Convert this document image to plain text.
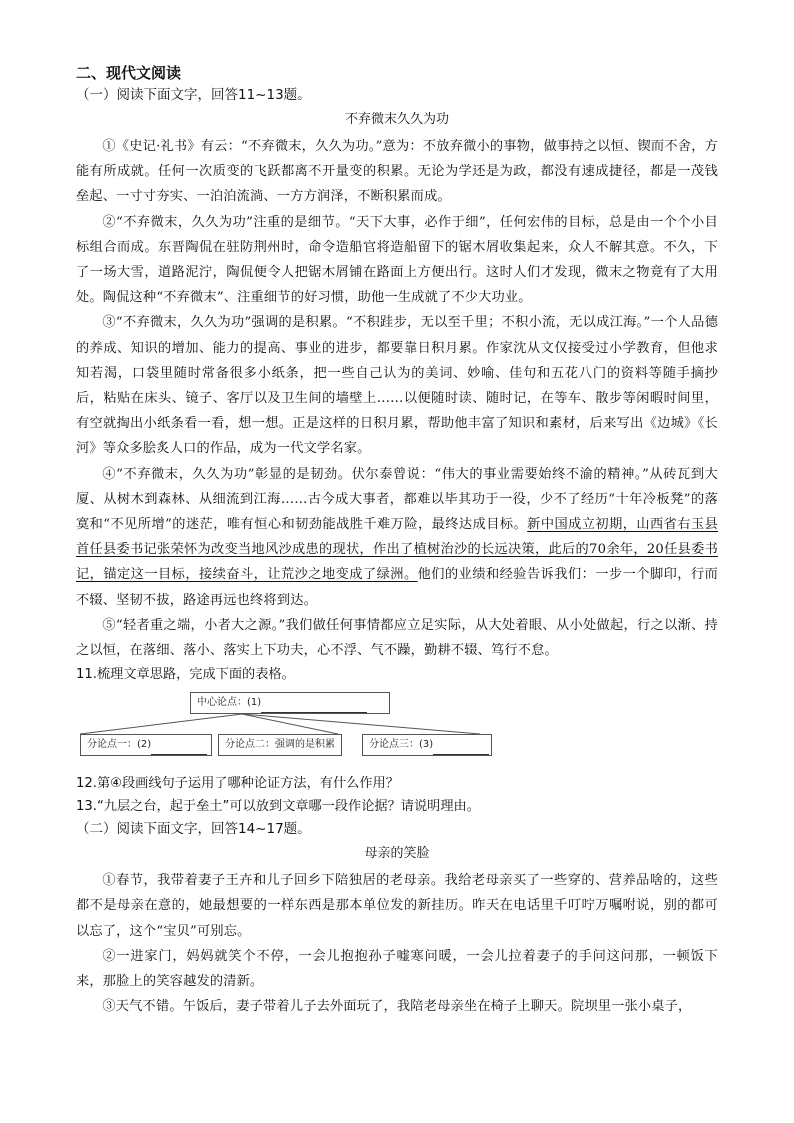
二、现代文阅读

（一）阅读下面文字，回答11~13题。

不弃微末久久为功

①《史记·礼书》有云：“不弃微末，久久为功。”意为：不放弃微小的事物，做事持之以恒、锲而不舍，方能有所成就。任何一次质变的飞跃都离不开量变的积累。无论为学还是为政，都没有速成捷径，都是一茂钱垒起、一寸寸夯实、一泊泊流淌、一方方润泽，不断积累而成。

②“不弃微末，久久为功”注重的是细节。“天下大事，必作于细”，任何宏伟的目标，总是由一个个小目标组合而成。东晋陶侃在驻防荆州时，命令造船官将造船留下的锯木屑收集起来，众人不解其意。不久，下了一场大雪，道路泥泞，陶侃便令人把锯木屑铺在路面上方便出行。这时人们才发现，微末之物竟有了大用处。陶侃这种“不弃微末”、注重细节的好习惯，助他一生成就了不少大功业。

③“不弃微末，久久为功”强调的是积累。“不积跬步，无以至千里；不积小流，无以成江海。”一个人品德的养成、知识的增加、能力的提高、事业的进步，都要靠日积月累。作家沈从文仅接受过小学教育，但他求知若渴，口袋里随时常备很多小纸条，把一些自己认为的美词、妙喻、佳句和五花八门的资料等随手摘抄后，粘贴在床头、镜子、客厅以及卫生间的墙壁上……以便随时读、随时记，在等车、散步等闲暇时间里，有空就掏出小纸条看一看，想一想。正是这样的日积月累，帮助他丰富了知识和素材，后来写出《边城》《长河》等众多脍炙人口的作品，成为一代文学名家。

④“不弃微末，久久为功”彰显的是韧劲。伏尔泰曾说：“伟大的事业需要始终不渝的精神。”从砖瓦到大厦、从树木到森林、从细流到江海……古今成大事者，都难以毕其功于一役，少不了经历“十年冷板凳”的落寞和“不见所增”的迷茫，唯有恒心和韧劲能战胜千难万险，最终达成目标。新中国成立初期，山西省右玉县首任县委书记张荣怀为改变当地风沙成患的现状，作出了植树治沙的长远决策，此后的70余年，20任县委书记，锚定这一目标，接续奋斗，让荒沙之地变成了绿洲。他们的业绩和经验告诉我们：一步一个脚印，行而不辍、坚韧不拔，路途再远也终将到达。

⑤“轻者重之端，小者大之源。”我们做任何事情都应立足实际，从大处着眼、从小处做起，行之以渐、持之以恒，在落细、落小、落实上下功夫，心不浮、气不躁，勤耕不辍、笃行不怠。

11.梳理文章思路，完成下面的表格。

中心论点：(1)
分论点一：(2)	分论点二：强调的是积累	分论点三：(3)

12.第④段画线句子运用了哪种论证方法，有什么作用？

13.“九层之台，起于垒土”可以放到文章哪一段作论据？请说明理由。

（二）阅读下面文字，回答14~17题。

母亲的笑脸

①春节，我带着妻子王卉和儿子回乡下陪独居的老母亲。我给老母亲买了一些穿的、营养品啥的，这些都不是母亲在意的，她最想要的一样东西是那本单位发的新挂历。昨天在电话里千叮咛万嘱咐说，别的都可以忘了，这个“宝贝”可别忘。

②一进家门，妈妈就笑个不停，一会儿抱抱孙子嘘寒问暖，一会儿拉着妻子的手问这问那，一顿饭下来，那脸上的笑容越发的清新。

③天气不错。午饭后，妻子带着儿子去外面玩了，我陪老母亲坐在椅子上聊天。院坝里一张小桌子，
